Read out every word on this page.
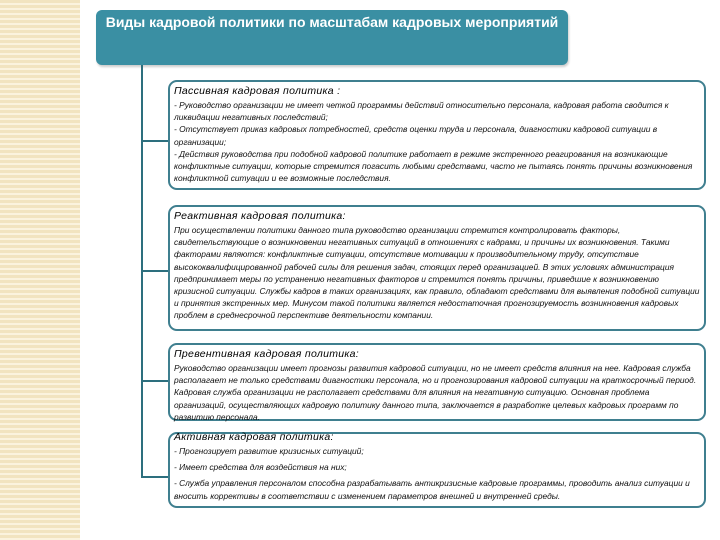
Виды кадровой политики по масштабам кадровых мероприятий
Пассивная кадровая политика :

- Руководство организации не имеет четкой программы действий относительно персонала, кадровая работа сводится к ликвидации негативных последствий;

- Отсутствует приказ кадровых потребностей, средств оценки труда и персонала, диагностики кадровой ситуации в организации;

- Действия руководства при подобной кадровой политике работает в режиме экстренного реагирования на возникающие конфликтные ситуации, которые стремится погасить любыми средствами, часто не пытаясь понять причины возникновения конфликтной ситуации и ее возможные последствия.

Реактивная кадровая политика:

При осуществлении политики данного типа руководство организации стремится контролировать факторы, свидетельствующие о возникновении негативных ситуаций в отношениях с кадрами, и причины их возникновения. Такими факторами являются: конфликтные ситуации, отсутствие мотивации к производительному труду, отсутствие высококвалифицированной рабочей силы для решения задач, стоящих перед организацией. В этих условиях администрация предпринимает меры по устранению негативных факторов и стремится понять причины, приведшие к возникновению кризисной ситуации. Службы кадров в таких организациях, как правило, обладают средствами для выявления подобной ситуации и принятия экстренных мер. Минусом такой политики является недостаточная прогнозируемость возникновения кадровых проблем в среднесрочной перспективе деятельности компании.

Превентивная кадровая политика:

Руководство организации имеет прогнозы развития кадровой ситуации, но не имеет средств влияния на нее. Кадровая служба располагает не только средствами диагностики персонала, но и прогнозирования кадровой ситуации на краткосрочный период. Кадровая служба организации не располагает средствами для влияния на негативную ситуацию. Основная проблема организаций, осуществляющих кадровую политику данного типа, заключается в разработке целевых кадровых программ по развитию персонала.

Активная кадровая политика:

- Прогнозирует развитие кризисных ситуаций;

- Имеет средства для воздействия на них;

- Служба управления персоналом способна разрабатывать антикризисные кадровые программы, проводить анализ ситуации и вносить коррективы в соответствии с изменением параметров внешней и внутренней среды.
